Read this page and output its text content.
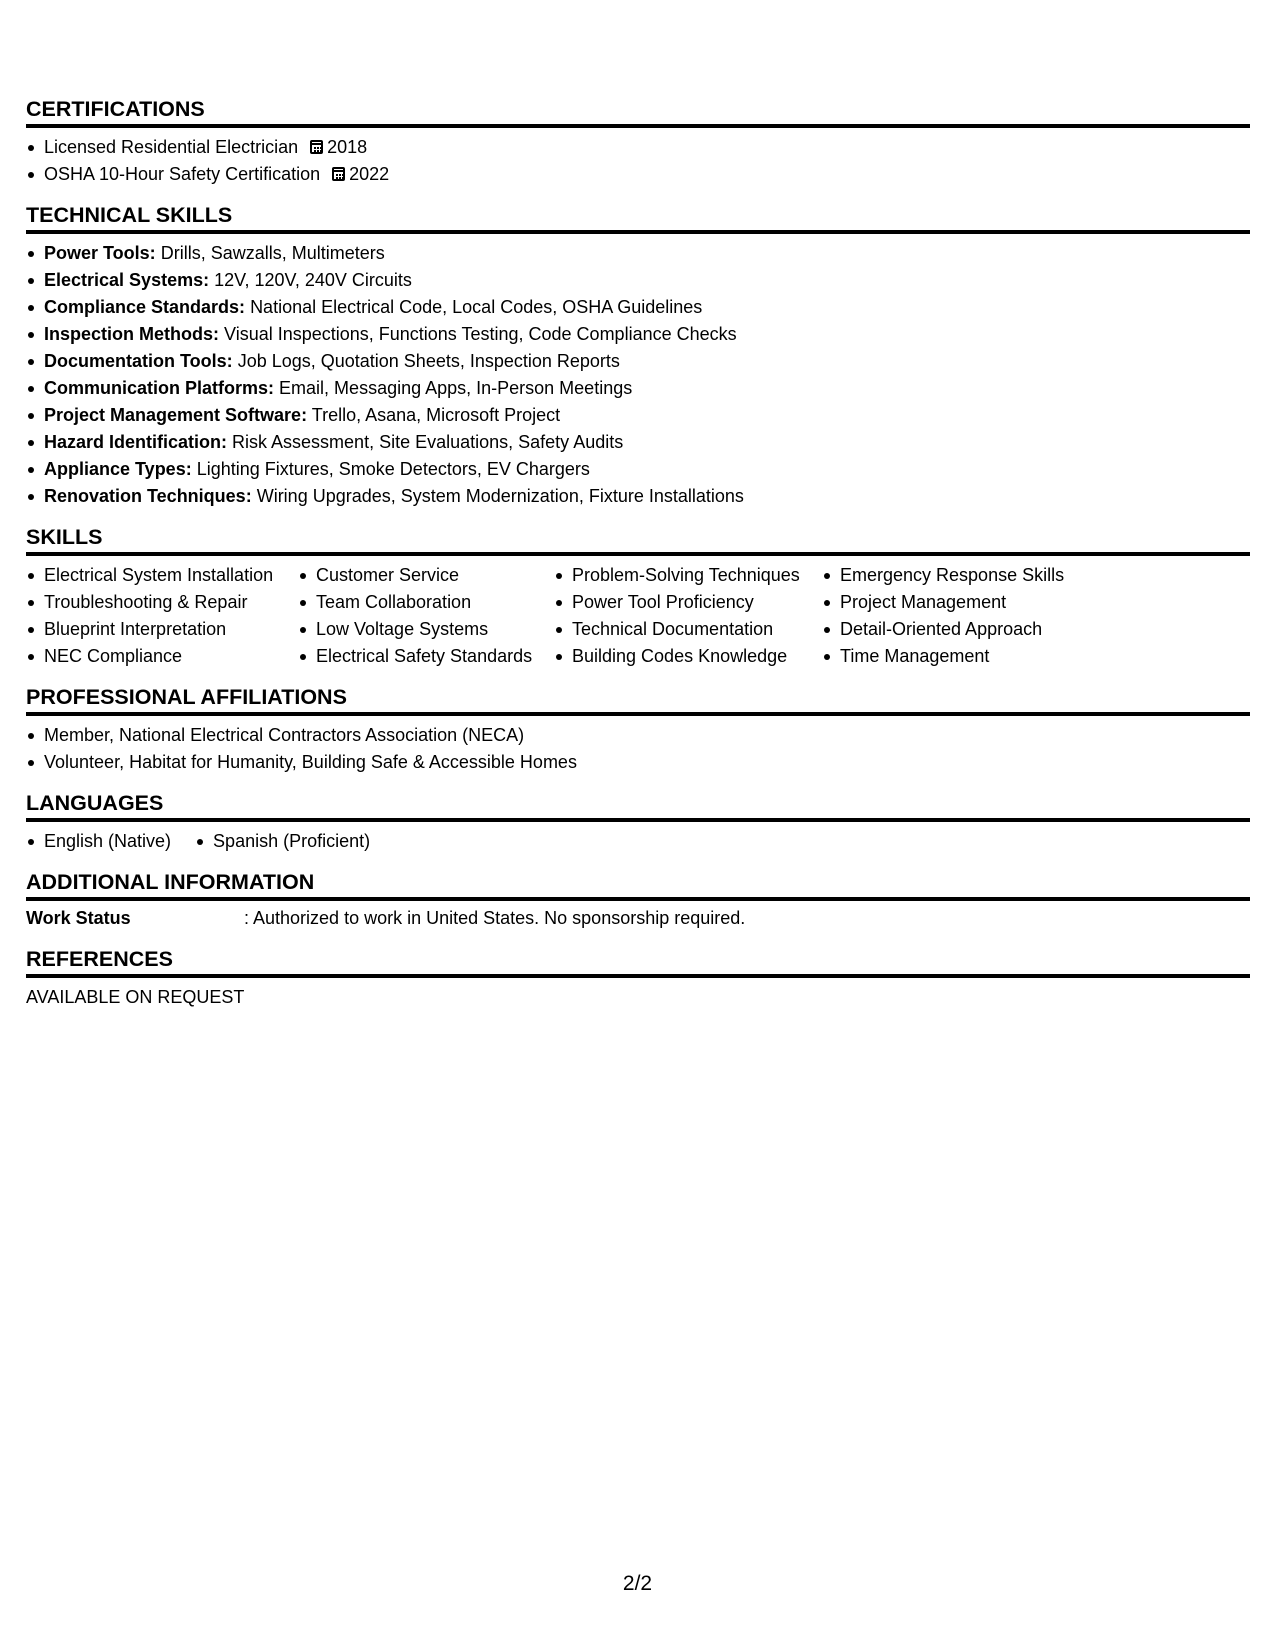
CERTIFICATIONS
Licensed Residential Electrician 2018
OSHA 10-Hour Safety Certification 2022
TECHNICAL SKILLS
Power Tools: Drills, Sawzalls, Multimeters
Electrical Systems: 12V, 120V, 240V Circuits
Compliance Standards: National Electrical Code, Local Codes, OSHA Guidelines
Inspection Methods: Visual Inspections, Functions Testing, Code Compliance Checks
Documentation Tools: Job Logs, Quotation Sheets, Inspection Reports
Communication Platforms: Email, Messaging Apps, In-Person Meetings
Project Management Software: Trello, Asana, Microsoft Project
Hazard Identification: Risk Assessment, Site Evaluations, Safety Audits
Appliance Types: Lighting Fixtures, Smoke Detectors, EV Chargers
Renovation Techniques: Wiring Upgrades, System Modernization, Fixture Installations
SKILLS
Electrical System Installation
Troubleshooting & Repair
Blueprint Interpretation
NEC Compliance
Customer Service
Team Collaboration
Low Voltage Systems
Electrical Safety Standards
Problem-Solving Techniques
Power Tool Proficiency
Technical Documentation
Building Codes Knowledge
Emergency Response Skills
Project Management
Detail-Oriented Approach
Time Management
PROFESSIONAL AFFILIATIONS
Member, National Electrical Contractors Association (NECA)
Volunteer, Habitat for Humanity, Building Safe & Accessible Homes
LANGUAGES
English (Native)	Spanish (Proficient)
ADDITIONAL INFORMATION
Work Status	: Authorized to work in United States. No sponsorship required.
REFERENCES
AVAILABLE ON REQUEST
2/2
